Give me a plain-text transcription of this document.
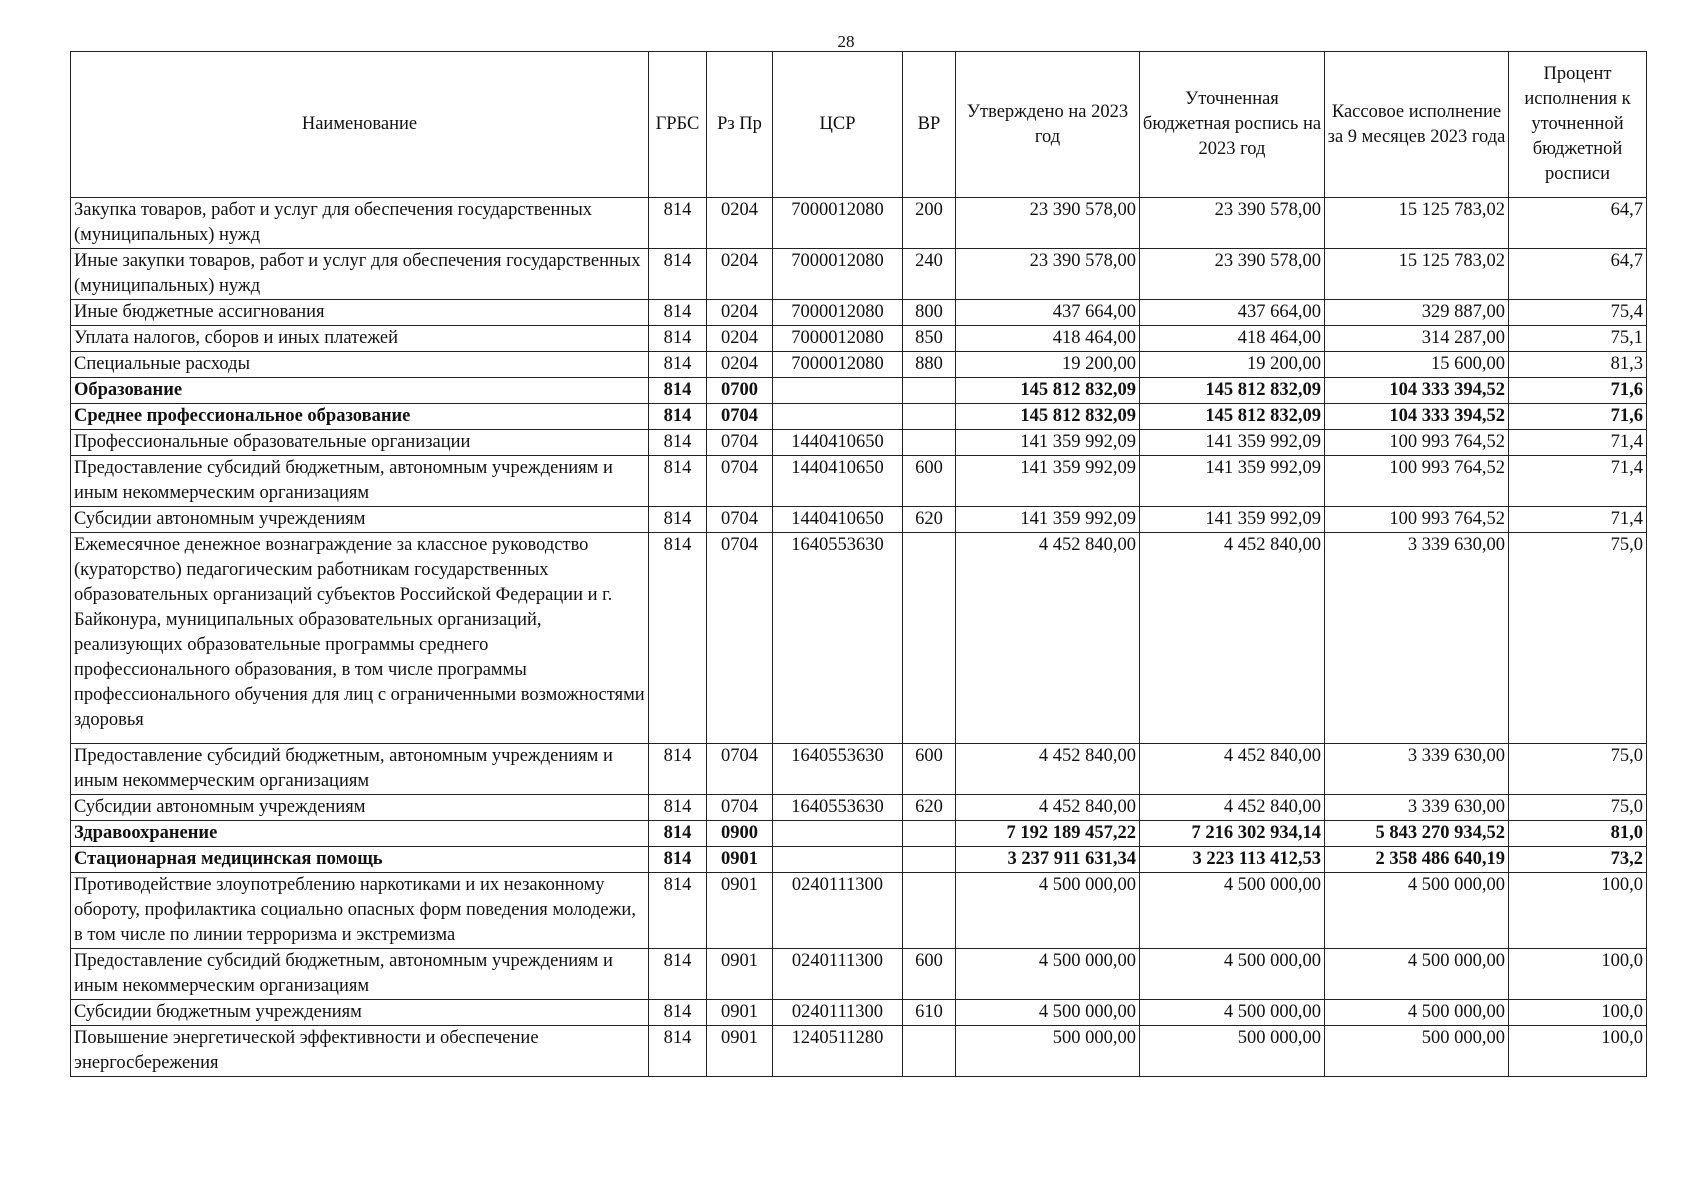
28
Наименование	ГРБС	Рз Пр	ЦСР	ВР	Утверждено на 2023 год	Уточненная бюджетная роспись на 2023 год	Кассовое исполнение за 9 месяцев 2023 года	Процент исполнения к уточненной бюджетной росписи
Закупка товаров, работ и услуг для обеспечения государственных (муниципальных) нужд	814	0204	7000012080	200	23 390 578,00	23 390 578,00	15 125 783,02	64,7
Иные закупки товаров, работ и услуг для обеспечения государственных (муниципальных) нужд	814	0204	7000012080	240	23 390 578,00	23 390 578,00	15 125 783,02	64,7
Иные бюджетные ассигнования	814	0204	7000012080	800	437 664,00	437 664,00	329 887,00	75,4
Уплата налогов, сборов и иных платежей	814	0204	7000012080	850	418 464,00	418 464,00	314 287,00	75,1
Специальные расходы	814	0204	7000012080	880	19 200,00	19 200,00	15 600,00	81,3
Образование	814	0700			145 812 832,09	145 812 832,09	104 333 394,52	71,6
Среднее профессиональное образование	814	0704			145 812 832,09	145 812 832,09	104 333 394,52	71,6
Профессиональные образовательные организации	814	0704	1440410650		141 359 992,09	141 359 992,09	100 993 764,52	71,4
Предоставление субсидий бюджетным, автономным учреждениям и иным некоммерческим организациям	814	0704	1440410650	600	141 359 992,09	141 359 992,09	100 993 764,52	71,4
Субсидии автономным учреждениям	814	0704	1440410650	620	141 359 992,09	141 359 992,09	100 993 764,52	71,4
Ежемесячное денежное вознаграждение за классное руководство (кураторство) педагогическим работникам государственных образовательных организаций субъектов Российской Федерации и г. Байконура, муниципальных образовательных организаций, реализующих образовательные программы среднего профессионального образования, в том числе программы профессионального обучения для лиц с ограниченными возможностями здоровья	814	0704	1640553630		4 452 840,00	4 452 840,00	3 339 630,00	75,0
Предоставление субсидий бюджетным, автономным учреждениям и иным некоммерческим организациям	814	0704	1640553630	600	4 452 840,00	4 452 840,00	3 339 630,00	75,0
Субсидии автономным учреждениям	814	0704	1640553630	620	4 452 840,00	4 452 840,00	3 339 630,00	75,0
Здравоохранение	814	0900			7 192 189 457,22	7 216 302 934,14	5 843 270 934,52	81,0
Стационарная медицинская помощь	814	0901			3 237 911 631,34	3 223 113 412,53	2 358 486 640,19	73,2
Противодействие злоупотреблению наркотиками и их незаконному обороту, профилактика социально опасных форм поведения молодежи, в том числе по линии терроризма и экстремизма	814	0901	0240111300		4 500 000,00	4 500 000,00	4 500 000,00	100,0
Предоставление субсидий бюджетным, автономным учреждениям и иным некоммерческим организациям	814	0901	0240111300	600	4 500 000,00	4 500 000,00	4 500 000,00	100,0
Субсидии бюджетным учреждениям	814	0901	0240111300	610	4 500 000,00	4 500 000,00	4 500 000,00	100,0
Повышение энергетической эффективности и обеспечение энергосбережения	814	0901	1240511280		500 000,00	500 000,00	500 000,00	100,0
